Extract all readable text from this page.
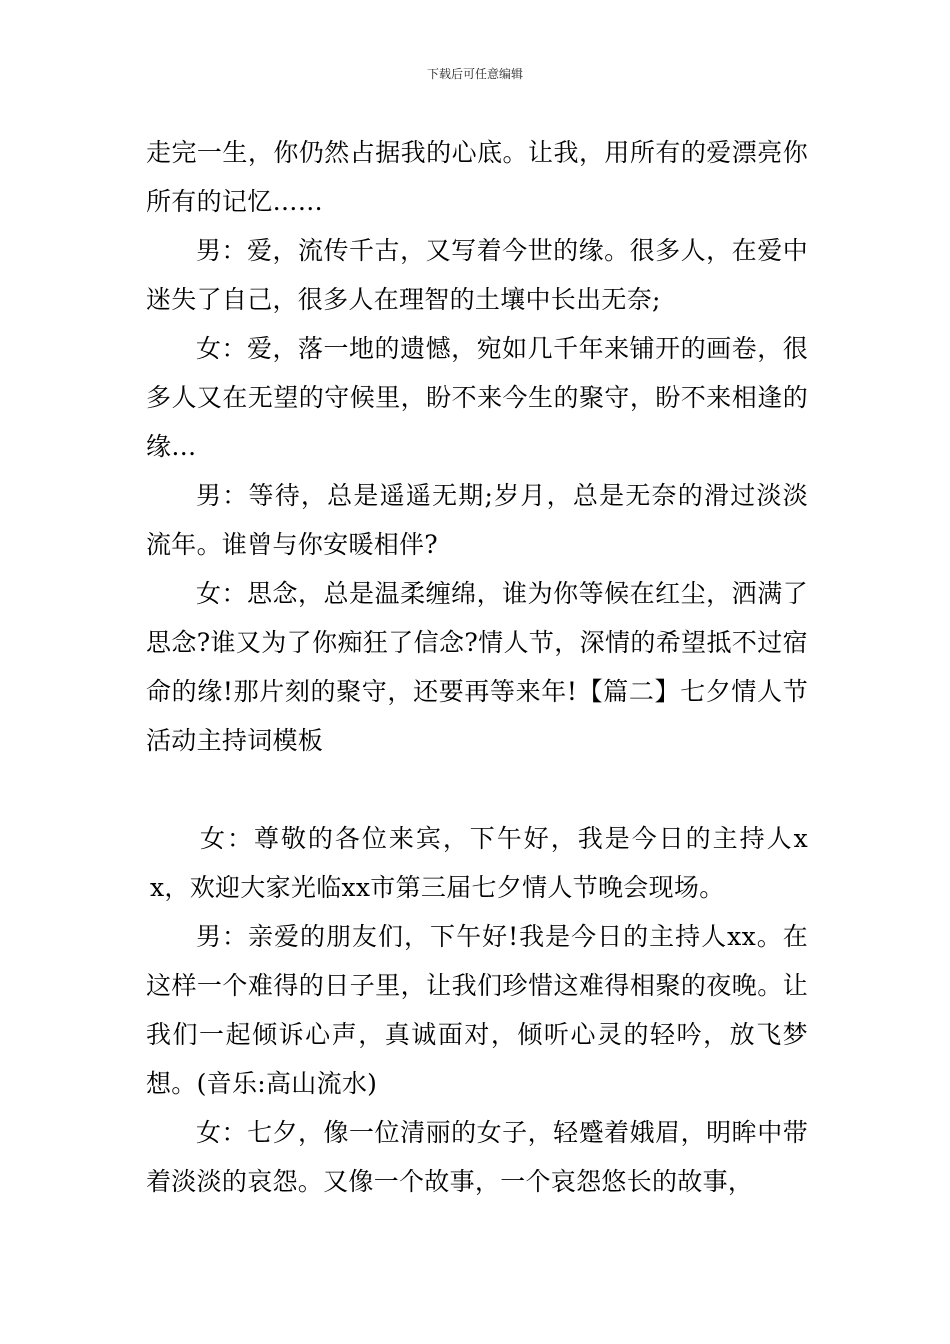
下载后可任意编辑

走完一生，你仍然占据我的心底。让我，用所有的爱漂亮你所有的记忆……

男：爱，流传千古，又写着今世的缘。很多人，在爱中迷失了自己，很多人在理智的土壤中长出无奈;

女：爱，落一地的遗憾，宛如几千年来铺开的画卷，很多人又在无望的守候里，盼不来今生的聚守，盼不来相逢的缘…

男：等待，总是遥遥无期;岁月，总是无奈的滑过淡淡流年。谁曾与你安暖相伴?

女：思念，总是温柔缠绵，谁为你等候在红尘，洒满了思念?谁又为了你痴狂了信念?情人节，深情的希望抵不过宿命的缘!那片刻的聚守，还要再等来年!【篇二】七夕情人节活动主持词模板

女：尊敬的各位来宾，下午好，我是今日的主持人xx，欢迎大家光临xx市第三届七夕情人节晚会现场。

男：亲爱的朋友们，下午好!我是今日的主持人xx。在这样一个难得的日子里，让我们珍惜这难得相聚的夜晚。让我们一起倾诉心声，真诚面对，倾听心灵的轻吟，放飞梦想。(音乐:高山流水)

女：七夕，像一位清丽的女子，轻蹙着娥眉，明眸中带着淡淡的哀怨。又像一个故事，一个哀怨悠长的故事，
